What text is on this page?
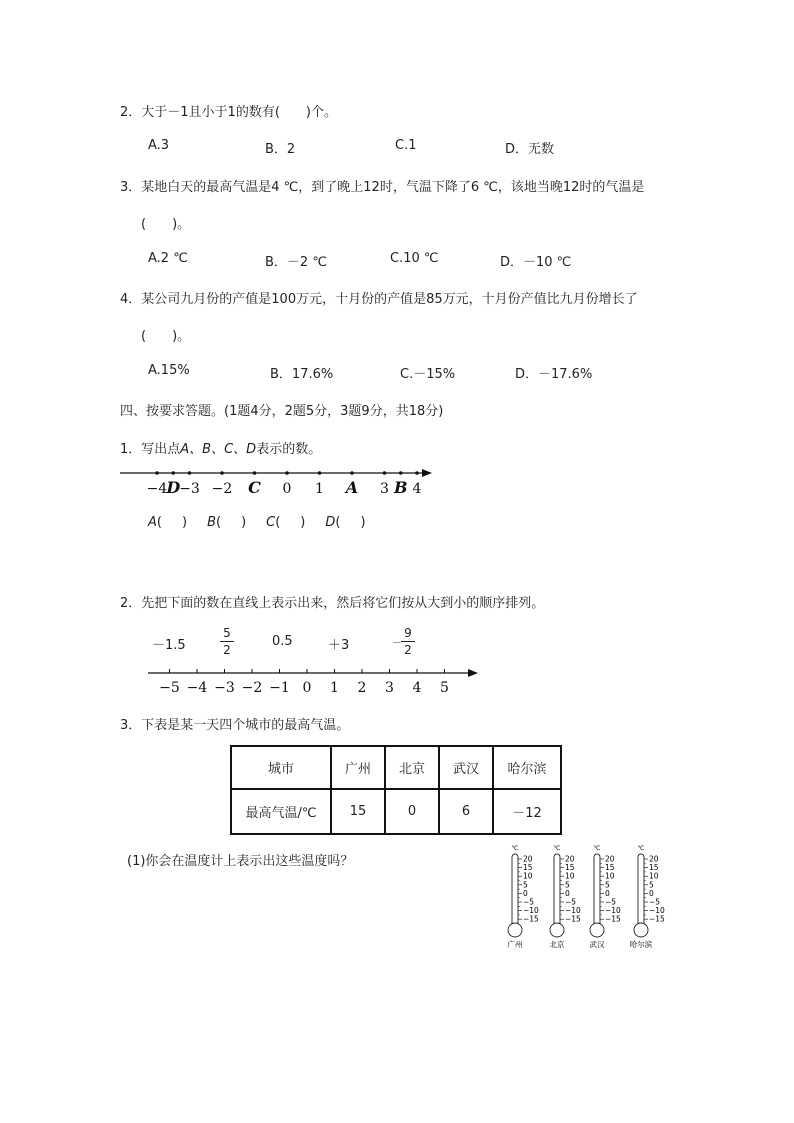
2．大于－1且小于1的数有(　　)个。
A.3	B．2	C.1	D．无数
3．某地白天的最高气温是4 ℃，到了晚上12时，气温下降了6 ℃，该地当晚12时的气温是
(　　)。
A.2 ℃	B．－2 ℃	C.10 ℃	D．－10 ℃
4．某公司九月份的产值是100万元，十月份的产值是85万元，十月份产值比九月份增长了
(　　)。
A.15%	B．17.6%	C.－15%	D．－17.6%
四、按要求答题。(1题4分，2题5分，3题9分，共18分)
1．写出点A、B、C、D表示的数。
−4
D
−3 −2 C 0 1 A 3 B 4
A( ) B( ) C( ) D( )
2．先把下面的数在直线上表示出来，然后将它们按从大到小的顺序排列。
－1.5
5
2
0.5	＋3	－
9
2
−5 −4 −3 −2 −1 0 1 2 3 4 5
3．下表是某一天四个城市的最高气温。
城市	广州	北京	武汉	哈尔滨
最高气温/℃	15	0	6	－12
(1)你会在温度计上表示出这些温度吗？
℃
20
15
10
5
0
−5
−10
−15
广州
℃
20
15
10
5
0
−5
−10
−15
北京
℃
20
15
10
5
0
−5
−10
−15
武汉
℃
20
15
10
5
0
−5
−10
−15
哈尔滨
